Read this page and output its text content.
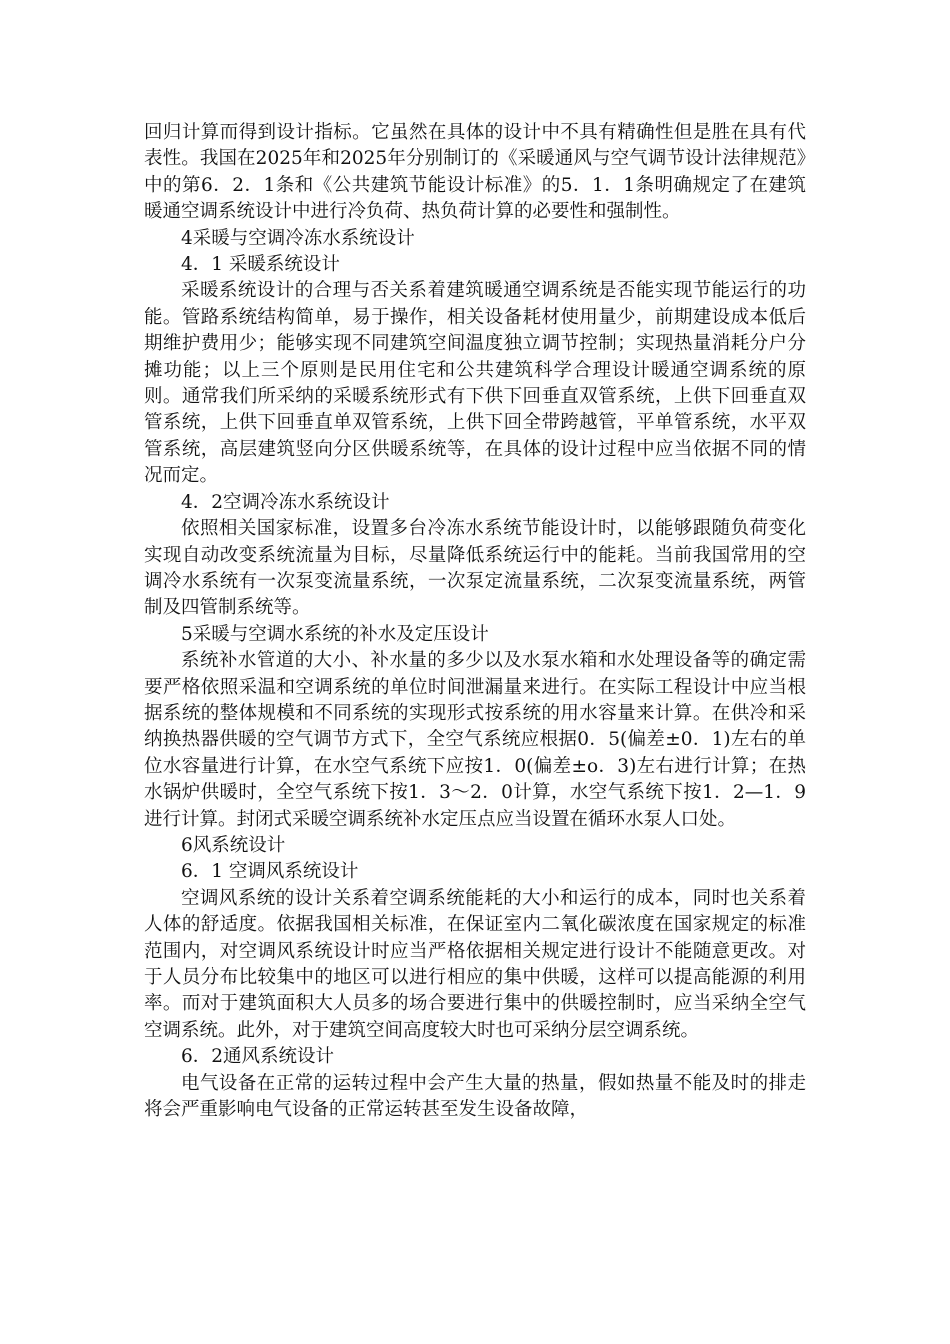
回归计算而得到设计指标。它虽然在具体的设计中不具有精确性但是胜在具有代表性。我国在2025年和2025年分别制订的《采暖通风与空气调节设计法律规范》中的第6．2．1条和《公共建筑节能设计标准》的5．1．1条明确规定了在建筑暖通空调系统设计中进行冷负荷、热负荷计算的必要性和强制性。

4采暖与空调冷冻水系统设计

4．1 采暖系统设计

采暖系统设计的合理与否关系着建筑暖通空调系统是否能实现节能运行的功能。管路系统结构简单，易于操作，相关设备耗材使用量少，前期建设成本低后期维护费用少；能够实现不同建筑空间温度独立调节控制；实现热量消耗分户分摊功能；以上三个原则是民用住宅和公共建筑科学合理设计暖通空调系统的原则。通常我们所采纳的采暖系统形式有下供下回垂直双管系统，上供下回垂直双管系统，上供下回垂直单双管系统，上供下回全带跨越管，平单管系统，水平双管系统，高层建筑竖向分区供暖系统等，在具体的设计过程中应当依据不同的情况而定。

4．2空调冷冻水系统设计

依照相关国家标准，设置多台冷冻水系统节能设计时，以能够跟随负荷变化实现自动改变系统流量为目标，尽量降低系统运行中的能耗。当前我国常用的空调冷水系统有一次泵变流量系统，一次泵定流量系统，二次泵变流量系统，两管制及四管制系统等。

5采暖与空调水系统的补水及定压设计

系统补水管道的大小、补水量的多少以及水泵水箱和水处理设备等的确定需要严格依照采温和空调系统的单位时间泄漏量来进行。在实际工程设计中应当根据系统的整体规模和不同系统的实现形式按系统的用水容量来计算。在供冷和采纳换热器供暖的空气调节方式下，全空气系统应根据0．5(偏差±0．1)左右的单位水容量进行计算，在水空气系统下应按1．0(偏差±o．3)左右进行计算；在热水锅炉供暖时，全空气系统下按1．3～2．0计算，水空气系统下按1．2—1．9进行计算。封闭式采暖空调系统补水定压点应当设置在循环水泵人口处。

6风系统设计

6．1 空调风系统设计

空调风系统的设计关系着空调系统能耗的大小和运行的成本，同时也关系着人体的舒适度。依据我国相关标准，在保证室内二氧化碳浓度在国家规定的标准范围内，对空调风系统设计时应当严格依据相关规定进行设计不能随意更改。对于人员分布比较集中的地区可以进行相应的集中供暖，这样可以提高能源的利用率。而对于建筑面积大人员多的场合要进行集中的供暖控制时，应当采纳全空气空调系统。此外，对于建筑空间高度较大时也可采纳分层空调系统。

6．2通风系统设计

电气设备在正常的运转过程中会产生大量的热量，假如热量不能及时的排走将会严重影响电气设备的正常运转甚至发生设备故障，
